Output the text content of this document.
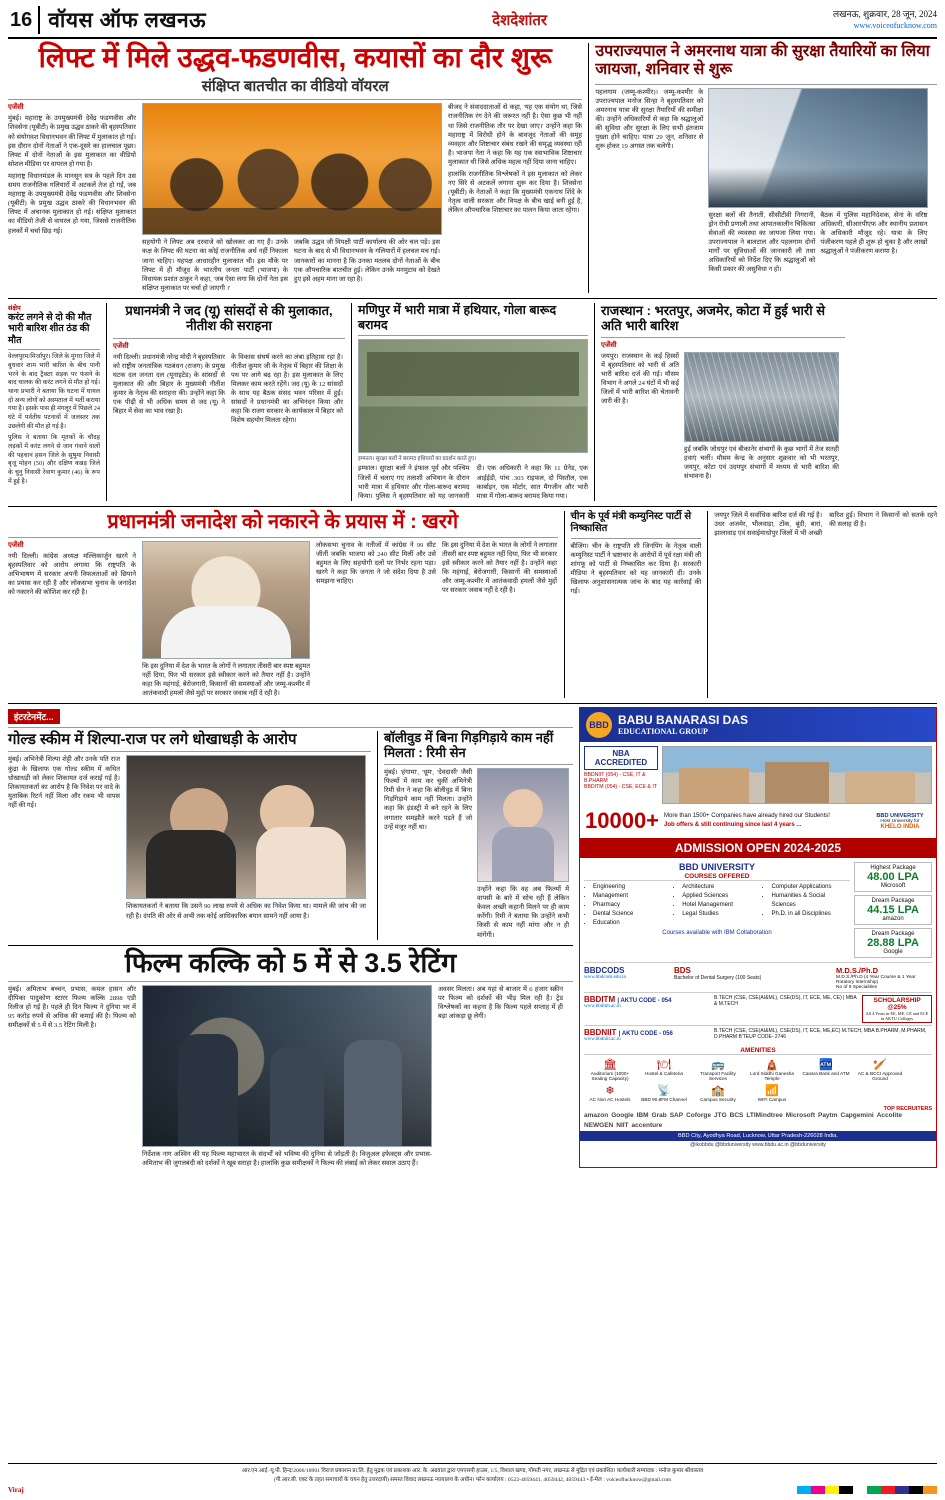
16 वॉयस ऑफ लखनऊ	देशदेशांतर	लखनऊ, शुक्रवार, 28 जून, 2024
www.voiceofucknow.com
लिफ्ट में मिले उद्धव-फडणवीस, कयासों का दौर शुरू
संक्षिप्त बातचीत का वीडियो वॉयरल
एजेंसी
मुंबई। महाराष्ट्र के उपमुख्यमंत्री देवेंद्र फडणवीस और शिवसेना (यूबीटी) के प्रमुख उद्धव ठाकरे की बृहस्पतिवार को संयोगवश विधानभवन की लिफ्ट में मुलाकात हो गई। इस दौरान दोनों नेताओं ने एक-दूसरे का हालचाल पूछा। लिफ्ट में दोनों नेताओं के इस मुलाकात का वीडियो सोशल मीडिया पर वायरल हो गया है।
महाराष्ट्र विधानमंडल के मानसून सत्र के पहले दिन उस समय राजनीतिक गलियारों में अटकलें तेज हो गईं, जब महाराष्ट्र के उपमुख्यमंत्री देवेंद्र फडणवीस और शिवसेना (यूबीटी) के प्रमुख उद्धव ठाकरे की विधानभवन की लिफ्ट में अचानक मुलाकात हो गई। संक्षिप्त मुलाकात का वीडियो तेजी से वायरल हो गया, जिससे राजनीतिक हलकों में चर्चा छिड़ गई।
सहयोगी ने लिफ्ट अब दरवाजे को खोलकर आ गए हैं। उनके कक्ष के लिफ्ट की घटना का कोई राजनीतिक अर्थ नहीं निकाला जाना चाहिए। यहपक्ष आधारहीन मुलाकात थी। इस मौके पर लिफ्ट में ही मौजूद के भारतीय जनता पार्टी (भाजपा) के विधायक प्रशांत ठाकुर ने कहा, 'जब ऐसा लगा कि दोनों नेता इस संक्षिप्त मुलाकात पर चर्चा हो जाएगी ।'
जबकि उद्धव जी विपक्षी पार्टी कार्यालय की ओर चल पड़े। इस घटना के बाद से भी विधानभवन के गलियारों में हलचल मच गई। जानकारों का मानना है कि उनका मतलब दोनों नेताओं के बीच एक औपचारिक बातचीत हुई। लेकिन उनके मनमुटाव को देखते हुए इसे अहम माना जा रहा है।
बीजद ने संवाददाताओं से कहा, 'यह एक संयोग था, जिसे राजनीतिक रंग देने की जरूरत नहीं है। ऐसा कुछ भी नहीं था जिसे राजनीतिक तौर पर देखा जाए।' उन्होंने कहा कि महाराष्ट्र में विरोधी होने के बावजूद नेताओं की समूह व्यवहार और शिष्टाचार संबंध रखने की समृद्ध व्यवस्था रही है। भाजपा नेता ने कहा कि यह एक स्वाभाविक शिष्टाचार मुलाकात थी जिसे अधिक महत्व नहीं दिया जाना चाहिए।
हालांकि राजनीतिक विश्लेषकों ने इस मुलाकात को लेकर नए सिरे से अटकलें लगाना शुरू कर दिया है। शिवसेना (यूबीटी) के नेताओं ने कहा कि मुख्यमंत्री एकनाथ शिंदे के नेतृत्व वाली सरकार और विपक्ष के बीच खाई बनी हुई है, लेकिन औपचारिक शिष्टाचार का पालन किया जाता रहेगा।
उपराज्यपाल ने अमरनाथ यात्रा की सुरक्षा तैयारियों का लिया जायजा, शनिवार से शुरू
पहलगाम (जम्मू-कश्मीर)। जम्मू-कश्मीर के उपराज्यपाल मनोज सिन्हा ने बृहस्पतिवार को अमरनाथ यात्रा की सुरक्षा तैयारियों की समीक्षा की। उन्होंने अधिकारियों से कहा कि श्रद्धालुओं की सुविधा और सुरक्षा के लिए सभी इंतजाम पुख्ता होने चाहिए। यात्रा 29 जून, शनिवार से शुरू होकर 19 अगस्त तक चलेगी।
सुरक्षा बलों की तैनाती, सीसीटीवी निगरानी, ड्रोन रोधी प्रणाली तथा आपातकालीन चिकित्सा सेवाओं की व्यवस्था का जायजा लिया गया। उपराज्यपाल ने बालटाल और पहलगाम दोनों मार्गों पर सुविधाओं की जानकारी ली तथा अधिकारियों को निर्देश दिए कि श्रद्धालुओं को किसी प्रकार की असुविधा न हो।
बैठक में पुलिस महानिदेशक, सेना के वरिष्ठ अधिकारी, सीआरपीएफ और स्थानीय प्रशासन के अधिकारी मौजूद रहे। यात्रा के लिए पंजीकरण पहले ही शुरू हो चुका है और लाखों श्रद्धालुओं ने पंजीकरण कराया है।
संक्षेप
करंट लगने से दो की मौत भारी बारिश शीत ठंड की मौत
वेल्लपुरम/मिर्जापुर। जिले के मुंगरा जिले में बुधवार शाम भारी बारिश के बीच पानी भरने के बाद ट्रैक्टर सड़क पर फंसने के बाद चालक की करंट लगने से मौत हो गई। थाना प्रभारी ने बताया कि घटना में घायल दो अन्य लोगों को अस्पताल में भर्ती कराया गया है। इसके पास ही मंगलूर में पिछले 24 घंटे में पर्वतीय पटनावों में जलस्तर तक उछलेगी की मौत हो गई है।
पुलिस ने बताया कि मृतकों के चौदह लड़कों में करंट लगने से जान गंवाने वालों की पहचान हसन जिले के सुषुमा निवासी बृजू मोहन (50) और दक्षिण कन्नड़ जिले के चुनु निवासी रेवाण कुमार (46) के रूप में हुई है।
प्रधानमंत्री ने जद (यू) सांसदों से की मुलाकात, नीतीश की सराहना
एजेंसी
नयी दिल्ली। प्रधानमंत्री नरेन्द्र मोदी ने बृहस्पतिवार को राष्ट्रीय जनतांत्रिक गठबंधन (राजग) के प्रमुख घटक दल जनता दल (यूनाइटेड) के सांसदों से मुलाकात की और बिहार के मुख्यमंत्री नीतीश कुमार के नेतृत्व की सराहना की। उन्होंने कहा कि एक पीढ़ी से भी अधिक समय से जद (यू) ने बिहार में सेवा का भाव रखा है।
के विकास संघर्ष करने का लंबा इतिहास रहा है। नीतीश कुमार जी के नेतृत्व में बिहार की शिक्षा के पथ पर आगे बढ़ रहा है। इस मुलाकात के लिए मिलकर काम करते रहेंगे। जद (यू) के 12 सांसदों के साथ यह बैठक संसद भवन परिसर में हुई। सांसदों ने प्रधानमंत्री का अभिनंदन किया और कहा कि राजग सरकार के कार्यकाल में बिहार को विशेष सहयोग मिलता रहेगा।
मणिपुर में भारी मात्रा में हथियार, गोला बारूद बरामद
इम्फाल। सुरक्षा बलों ने बरामद हथियारों का प्रदर्शन करते हुए।
इम्फाल। सुरक्षा बलों ने इंफाल पूर्व और पश्चिम जिलों में चलाए गए तलाशी अभियान के दौरान भारी मात्रा में हथियार और गोला-बारूद बरामद किया। पुलिस ने बृहस्पतिवार को यह जानकारी दी। एक अधिकारी ने कहा कि 11 ग्रेनेड, एक आईईडी, पांच .303 राइफल, दो पिस्तौल, एक कार्बाइन, एक मोर्टार, सात मैगजीन और भारी मात्रा में गोला-बारूद बरामद किया गया।
राजस्थान : भरतपुर, अजमेर, कोटा में हुई भारी से अति भारी बारिश
एजेंसी
जयपुर। राजस्थान के कई हिस्सों में बृहस्पतिवार को भारी से अति भारी बारिश दर्ज की गई। मौसम विभाग ने अगले 24 घंटों में भी कई जिलों में भारी बारिश की चेतावनी जारी की है।
हुई जबकि जोधपुर एवं बीकानेर संभागों के कुछ भागों में तेज सतही हवाएं चलीं। मौसम केन्द्र के अनुसार शुक्रवार को भी भरतपुर, जयपुर, कोटा एवं उदयपुर संभागों में मध्यम से भारी बारिश की संभावना है।
प्रधानमंत्री जनादेश को नकारने के प्रयास में : खरगे
एजेंसी
नयी दिल्ली। कांग्रेस अध्यक्ष मल्लिकार्जुन खरगे ने बृहस्पतिवार को आरोप लगाया कि राष्ट्रपति के अभिभाषण में सरकार अपनी विफलताओं को छिपाने का प्रयास कर रही है और लोकसभा चुनाव के जनादेश को नकारने की कोशिश कर रही है।
कि इस दुनिया में देश के भारत के लोगों ने लगातार तीसरी बार स्पष्ट बहुमत नहीं दिया, फिर भी सरकार इसे स्वीकार करने को तैयार नहीं है। उन्होंने कहा कि महंगाई, बेरोजगारी, किसानों की समस्याओं और जम्मू-कश्मीर में आतंकवादी हमलों जैसे मुद्दों पर सरकार जवाब नहीं दे रही है।
लोकसभा चुनाव के नतीजों में कांग्रेस ने 99 सीट जीतीं जबकि भाजपा को 240 सीट मिलीं और उसे बहुमत के लिए सहयोगी दलों पर निर्भर रहना पड़ा। खरगे ने कहा कि जनता ने जो संदेश दिया है उसे समझना चाहिए।
कि इस दुनिया में देश के भारत के लोगों ने लगातार तीसरी बार स्पष्ट बहुमत नहीं दिया, फिर भी सरकार इसे स्वीकार करने को तैयार नहीं है। उन्होंने कहा कि महंगाई, बेरोजगारी, किसानों की समस्याओं और जम्मू-कश्मीर में आतंकवादी हमलों जैसे मुद्दों पर सरकार जवाब नहीं दे रही है।
चीन के पूर्व मंत्री कम्युनिस्ट पार्टी से निष्कासित
बीजिंग। चीन के राष्ट्रपति शी जिनपिंग के नेतृत्व वाली कम्युनिस्ट पार्टी ने भ्रष्टाचार के आरोपों में पूर्व रक्षा मंत्री ली शांगफू को पार्टी से निष्कासित कर दिया है। सरकारी मीडिया ने बृहस्पतिवार को यह जानकारी दी। उनके खिलाफ अनुशासनात्मक जांच के बाद यह कार्रवाई की गई।
जयपुर जिले में सर्वाधिक बारिश दर्ज की गई है। उधर अजमेर, भीलवाड़ा, टोंक, बूंदी, बारां, झालावाड़ एवं सवाईमाधोपुर जिलों में भी अच्छी बारिश हुई। विभाग ने किसानों को सतर्क रहने की सलाह दी है।
इंटरटेनमेंट...
गोल्ड स्कीम में शिल्पा-राज पर लगे धोखाधड़ी के आरोप
मुंबई। अभिनेत्री शिल्पा शेट्टी और उनके पति राज कुंद्रा के खिलाफ एक गोल्ड स्कीम में कथित धोखाधड़ी को लेकर शिकायत दर्ज कराई गई है। शिकायतकर्ता का आरोप है कि निवेश पर वादे के मुताबिक रिटर्न नहीं मिला और रकम भी वापस नहीं की गई।
शिकायतकर्ता ने बताया कि उसने 90 लाख रुपये से अधिक का निवेश किया था। मामले की जांच की जा रही है। दंपति की ओर से अभी तक कोई आधिकारिक बयान सामने नहीं आया है।
बॉलीवुड में बिना गिड़गिड़ाये काम नहीं मिलता : रिमी सेन
मुंबई। 'हंगामा', 'धूम', 'देवदासी' जैसी फिल्मों में काम कर चुकीं अभिनेत्री रिमी सेन ने कहा कि बॉलीवुड में बिना गिड़गिड़ाये काम नहीं मिलता। उन्होंने कहा कि इंडस्ट्री में बने रहने के लिए लगातार समझौते करने पड़ते हैं जो उन्हें मंजूर नहीं था।
उन्होंने कहा कि वह अब फिल्मों में वापसी के बारे में सोच रही हैं लेकिन केवल अच्छी कहानी मिलने पर ही काम करेंगी। रिमी ने बताया कि उन्होंने कभी किसी से काम नहीं मांगा और न ही मांगेंगी।
फिल्म कल्कि को 5 में से 3.5 रेटिंग
मुंबई। अमिताभ बच्चन, प्रभास, कमल हासन और दीपिका पादुकोण स्टारर फिल्म कल्कि 2898 एडी रिलीज हो गई है। पहले ही दिन फिल्म ने दुनिया भर में 95 करोड़ रुपये से अधिक की कमाई की है। फिल्म को समीक्षकों से 5 में से 3.5 रेटिंग मिली है।
निर्देशक नाग अश्विन की यह फिल्म महाभारत के संदर्भों को भविष्य की दुनिया से जोड़ती है। विजुअल इफेक्ट्स और प्रभास-अमिताभ की जुगलबंदी को दर्शकों ने खूब सराहा है। हालांकि कुछ समीक्षकों ने फिल्म की लंबाई को लेकर सवाल उठाए हैं।
अवसर मिलता। अब यहां से बाजार में 6 हजार स्क्रीन पर फिल्म को दर्शकों की भीड़ मिल रही है। ट्रेड विश्लेषकों का कहना है कि फिल्म पहले सप्ताह में ही बड़ा आंकड़ा छू लेगी।
BBD BABU BANARASI DAS
EDUCATIONAL GROUP
NBA ACCREDITED
BBDNIIT (054) - CSE, IT & B.PHARM
BBDITM (054) - CSE, ECE & IT
10000+ More than 1500+ Companies have already hired our Students!
Job offers & still continuing since last 4 years ...
BBD UNIVERSITY
Host University for
KHELO INDIA
ADMISSION OPEN 2024-2025
BBD UNIVERSITY
COURSES OFFERED
• Engineering
• Management
• Pharmacy
• Dental Science
• Education
• Architecture
• Applied Sciences
• Hotel Management
• Legal Studies
• Computer Applications
• Humanities & Social Sciences
• Ph.D. in all Disciplines
Courses available with IBM Collaboration
Highest Package
48.00 LPA
Microsoft
Dream Package
44.15 LPA
amazon
Dream Package
28.88 LPA
Google
BBDCODS
www.bbdcods.edu.in
BDS
Bachelor of Dental Surgery (100 Seats)
M.D.S./Ph.D
M.D.S./Ph.D (4 Year Course & 1 Year Rotatory Internship)
No of 9 Specialities
BBDITM | AKTU CODE - 054
www.bbditm.ac.in
B.TECH (CSE, CSE(AI&ML), CSE(DS), IT, ECE, ME, CE) | MBA & M.TECH	SCHOLARSHIP @25%
All 4 Years in EE, ME, CE and ECE in AKTU Colleges
BBDNIIT | AKTU CODE - 056
www.bbdniit.ac.in
B.TECH (CSE, CSE(AI&ML), CSE(DS), IT, ECE, ME,EC) M.TECH, MBA B.PHARM, M.PHARM, D.PHARM B'TEUP CODE- 2746
AMENITIES
🏛
Auditorium (1000+ Seating Capacity)
🍽
Hostel & Cafeteria
🚌
Transport Facility Services
🛕
Lord Siddhi Ganesha Temple
🏧
Canara Bank and ATM
🏏
AC & BCCI Approved Ground
❄
AC Non AC Hostels
📡
BBD 90.8FM Channel
🏫
Campus Security
📶
WIFI Campus
TOP RECRUITERS
amazon Google IBM Grab SAP Coforge JTG BCS LTIMindtree Microsoft Paytm Capgemini Accolite
NEWGEN NIIT accenture
BBD City, Ayodhya Road, Lucknow, Uttar Pradesh-226028 India.
@ikobbdu @bbduniversity www.bbdu.ac.in @bbduniversity
आर.एन.आई.-यू.पी. हिन्द/2006/18901 विराज प्रकाशन प्रा.लि. हेतु मुद्रक एवं प्रकाशक आर. के. अग्रवाल द्वारा एमएसपी हाउस, 1/5, विशाल खण्ड, गोमती नगर, लखनऊ से मुद्रित एवं प्रकाशित। कार्यकारी सम्पादक : मनोज कुमार श्रीवास्तव
(पी.आर.बी. एक्ट के तहत समाचारों के चयन हेतु उत्तरदायी) समस्त विवाद लखनऊ न्यायालय के अधीन। फोन कार्यालय : 0522-4059441, 4059442, 4059443 • ई-मेल : voiceoflucknow@gmail.com
Viraj
